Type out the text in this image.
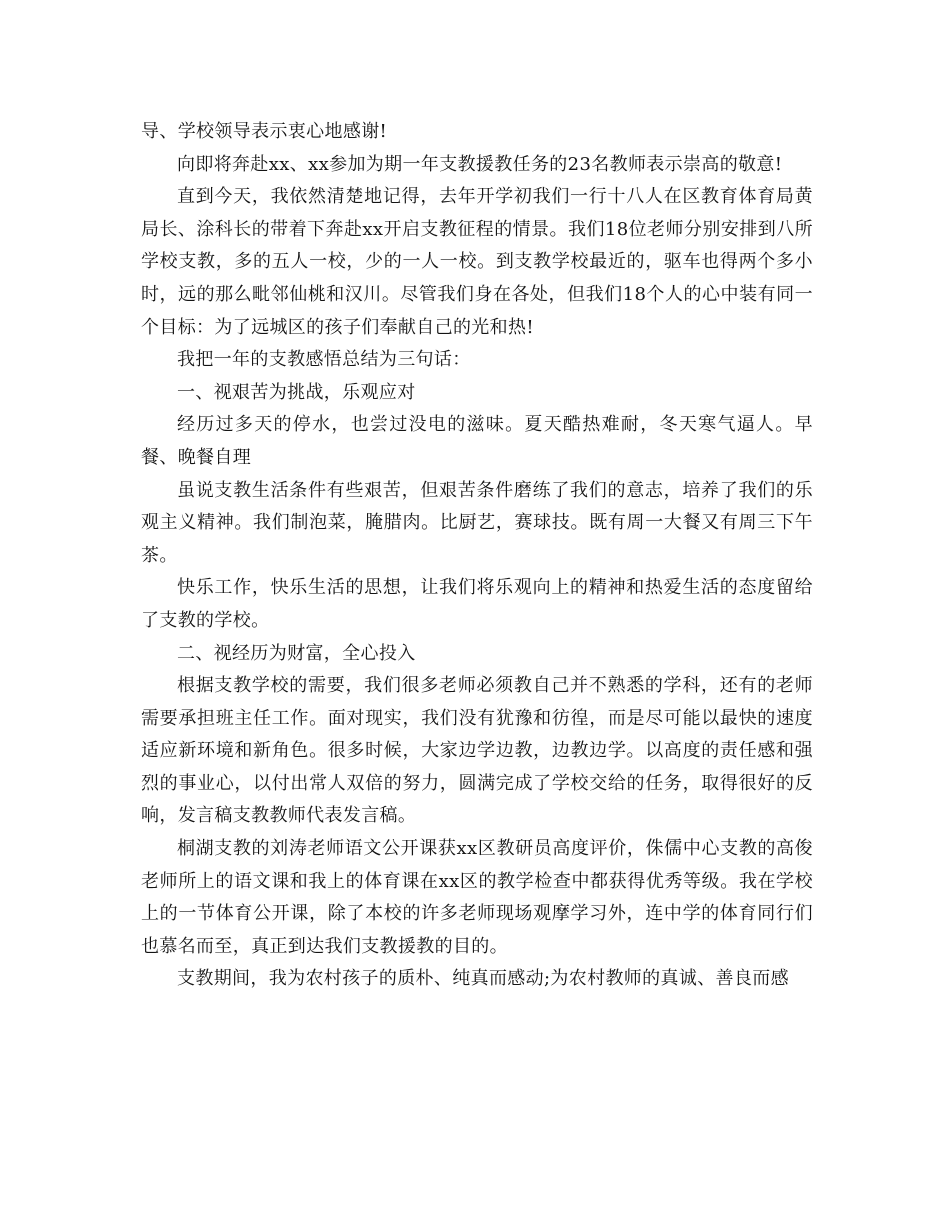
导、学校领导表示衷心地感谢!

向即将奔赴xx、xx参加为期一年支教援教任务的23名教师表示崇高的敬意!

直到今天，我依然清楚地记得，去年开学初我们一行十八人在区教育体育局黄局长、涂科长的带着下奔赴xx开启支教征程的情景。我们18位老师分别安排到八所学校支教，多的五人一校，少的一人一校。到支教学校最近的，驱车也得两个多小时，远的那么毗邻仙桃和汉川。尽管我们身在各处，但我们18个人的心中装有同一个目标：为了远城区的孩子们奉献自己的光和热!

我把一年的支教感悟总结为三句话：

一、视艰苦为挑战，乐观应对

经历过多天的停水，也尝过没电的滋味。夏天酷热难耐，冬天寒气逼人。早餐、晚餐自理

虽说支教生活条件有些艰苦，但艰苦条件磨练了我们的意志，培养了我们的乐观主义精神。我们制泡菜，腌腊肉。比厨艺，赛球技。既有周一大餐又有周三下午茶。

快乐工作，快乐生活的思想，让我们将乐观向上的精神和热爱生活的态度留给了支教的学校。

二、视经历为财富，全心投入

根据支教学校的需要，我们很多老师必须教自己并不熟悉的学科，还有的老师需要承担班主任工作。面对现实，我们没有犹豫和彷徨，而是尽可能以最快的速度适应新环境和新角色。很多时候，大家边学边教，边教边学。以高度的责任感和强烈的事业心，以付出常人双倍的努力，圆满完成了学校交给的任务，取得很好的反响，发言稿支教教师代表发言稿。

桐湖支教的刘涛老师语文公开课获xx区教研员高度评价，侏儒中心支教的高俊老师所上的语文课和我上的体育课在xx区的教学检查中都获得优秀等级。我在学校上的一节体育公开课，除了本校的许多老师现场观摩学习外，连中学的体育同行们也慕名而至，真正到达我们支教援教的目的。

支教期间，我为农村孩子的质朴、纯真而感动;为农村教师的真诚、善良而感
